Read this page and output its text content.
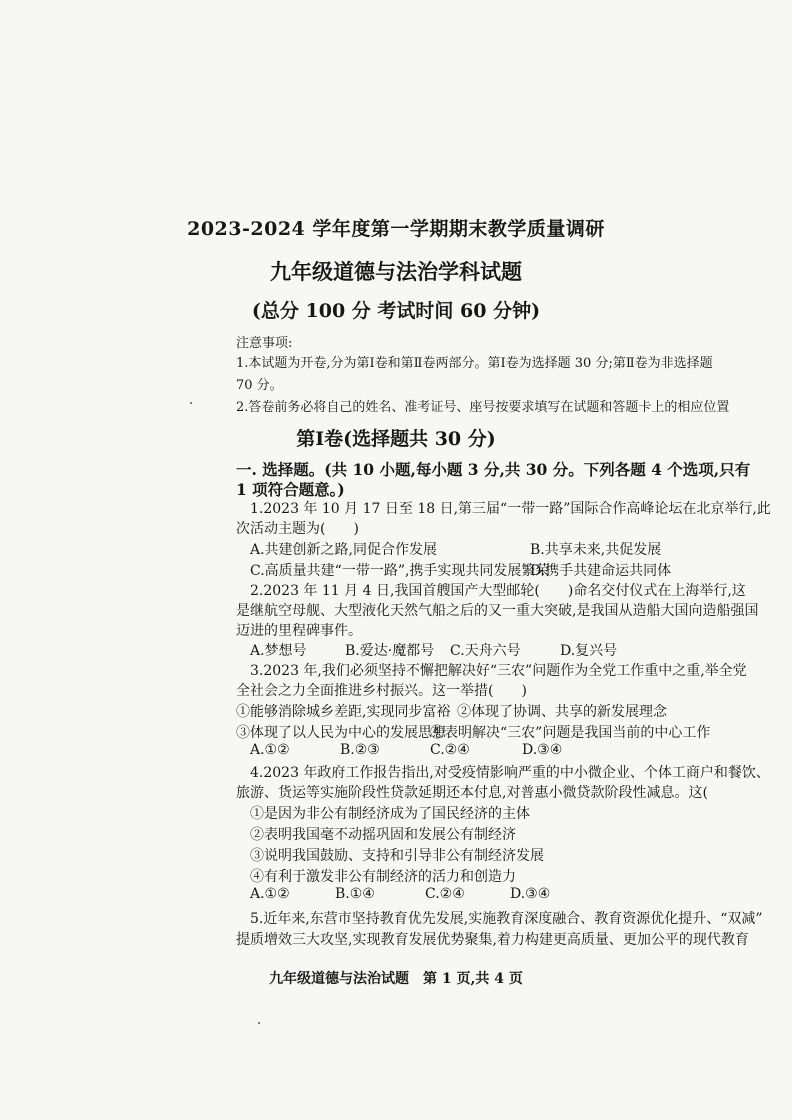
2023-2024 学年度第一学期期末教学质量调研
九年级道德与法治学科试题
(总分 100 分 考试时间 60 分钟)
注意事项:
1.本试题为开卷,分为第Ⅰ卷和第Ⅱ卷两部分。第Ⅰ卷为选择题 30 分;第Ⅱ卷为非选择题
70 分。
2.答卷前务必将自己的姓名、准考证号、座号按要求填写在试题和答题卡上的相应位置
第Ⅰ卷(选择题共 30 分)
一. 选择题。(共 10 小题,每小题 3 分,共 30 分。下列各题 4 个选项,只有
1 项符合题意。)
1.2023 年 10 月 17 日至 18 日,第三届“一带一路”国际合作高峰论坛在北京举行,此
次活动主题为(　　)
A.共建创新之路,同促合作发展	B.共享未来,共促发展
C.高质量共建“一带一路”,携手实现共同发展繁荣
D.携手共建命运共同体
2.2023 年 11 月 4 日,我国首艘国产大型邮轮(　　)命名交付仪式在上海举行,这
是继航空母舰、大型液化天然气船之后的又一重大突破,是我国从造船大国向造船强国
迈进的里程碑事件。
A.梦想号	B.爱达·魔都号 C.天舟六号	D.复兴号
3.2023 年,我们必须坚持不懈把解决好“三农”问题作为全党工作重中之重,举全党
全社会之力全面推进乡村振兴。这一举措(　　)
①能够消除城乡差距,实现同步富裕 ②体现了协调、共享的新发展理念
③体现了以人民为中心的发展思想
④表明解决“三农”问题是我国当前的中心工作
A.①②	B.②③	C.②④	D.③④
4.2023 年政府工作报告指出,对受疫情影响严重的中小微企业、个体工商户和餐饮、
旅游、货运等实施阶段性贷款延期还本付息,对普惠小微贷款阶段性减息。这(
①是因为非公有制经济成为了国民经济的主体
②表明我国毫不动摇巩固和发展公有制经济
③说明我国鼓励、支持和引导非公有制经济发展
④有利于激发非公有制经济的活力和创造力
A.①②	B.①④	C.②④	D.③④
5.近年来,东营市坚持教育优先发展,实施教育深度融合、教育资源优化提升、“双减”
提质增效三大攻坚,实现教育发展优势聚集,着力构建更高质量、更加公平的现代教育
九年级道德与法治试题　第 1 页,共 4 页
